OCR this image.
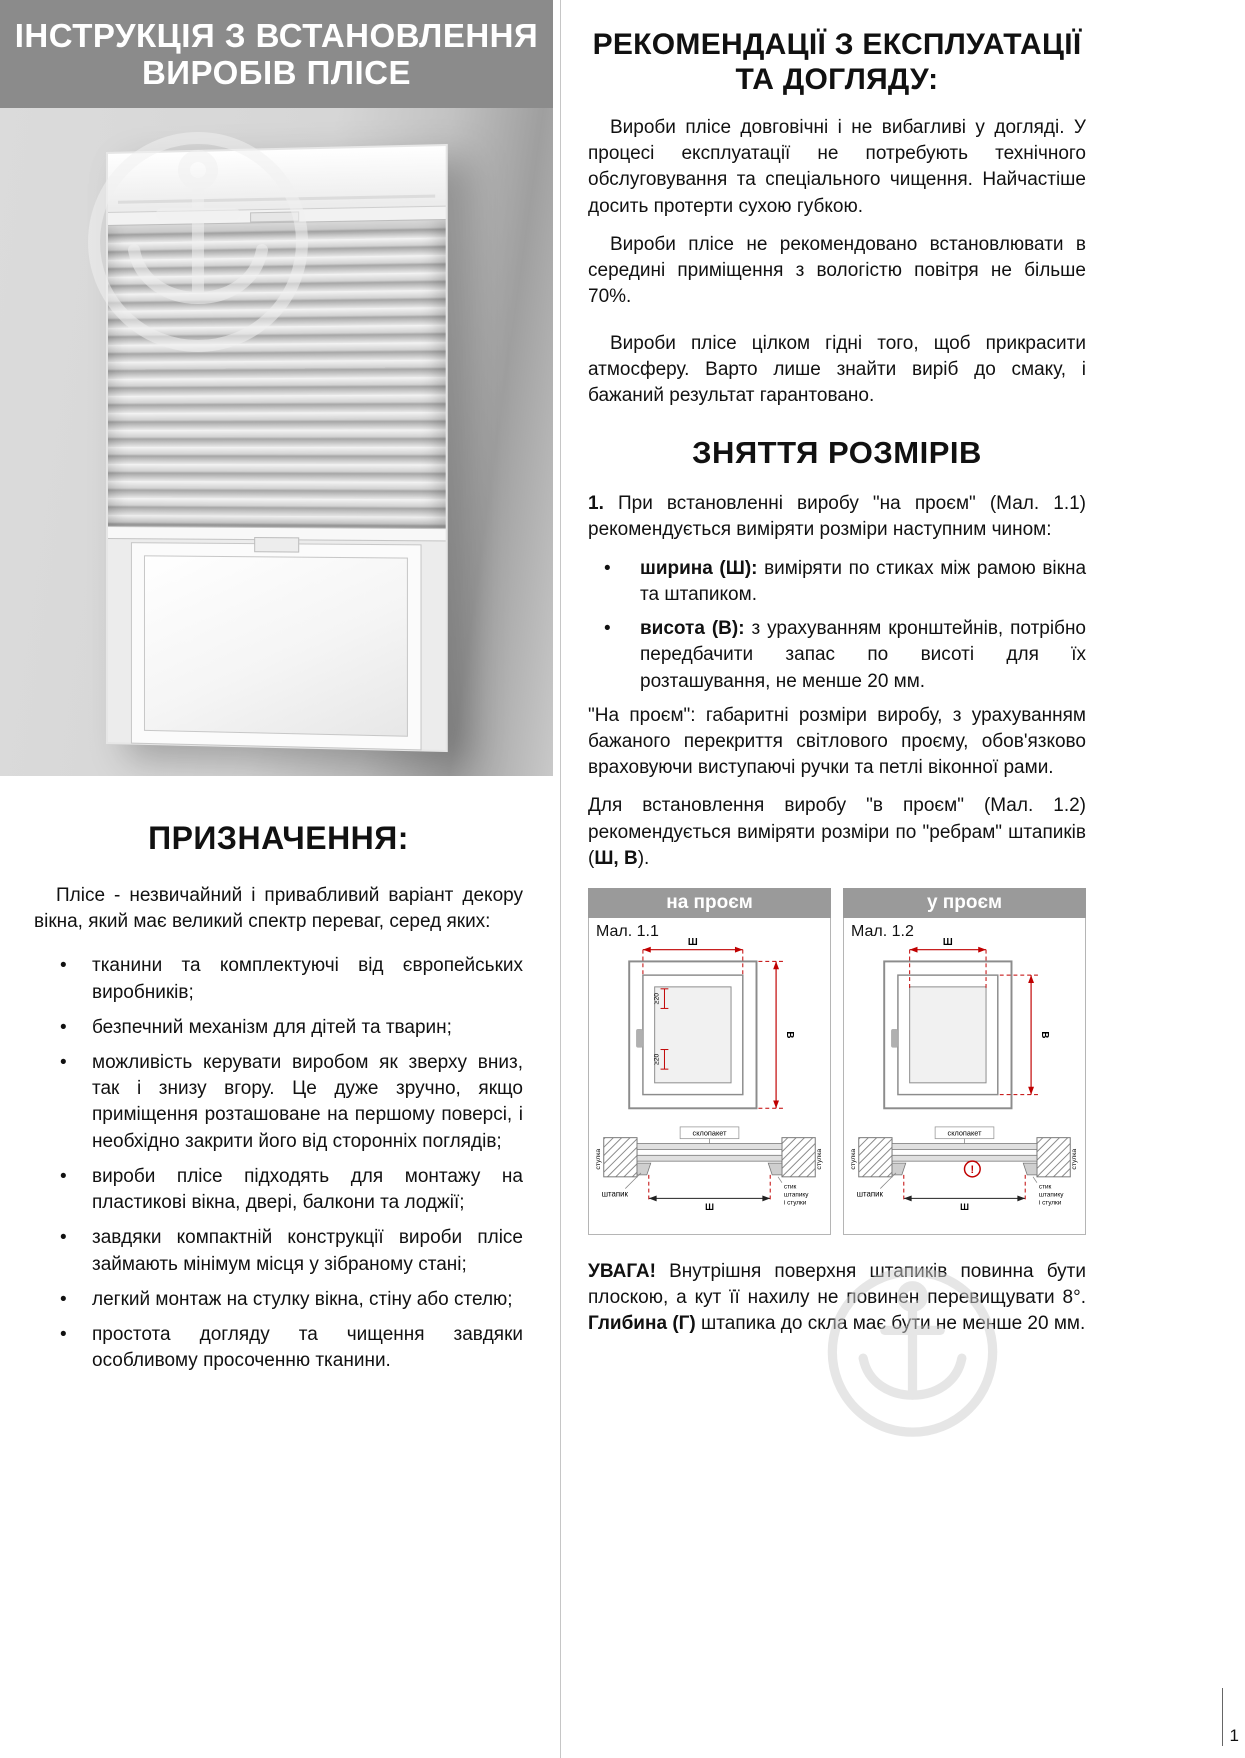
ІНСТРУКЦІЯ З ВСТАНОВЛЕННЯ
ВИРОБІВ ПЛІСЕ
ПРИЗНАЧЕННЯ:

Плісе - незвичайний і привабливий варіант декору вікна, який має великий спектр переваг, серед яких:

• тканини та комплектуючі від європейських виробників;
• безпечний механізм для дітей та тварин;
• можливість керувати виробом як зверху вниз, так і знизу вгору. Це дуже зручно, якщо приміщення розташоване на першому поверсі, і необхідно закрити його від сторонніх поглядів;
• вироби плісе підходять для монтажу на пластикові вікна, двері, балкони та лоджії;
• завдяки компактній конструкції вироби плісе займають мінімум місця у зібраному стані;
• легкий монтаж на стулку вікна, стіну або стелю;
• простота догляду та чищення завдяки особливому просоченню тканини.
РЕКОМЕНДАЦІЇ З ЕКСПЛУАТАЦІЇ
ТА ДОГЛЯДУ:

Вироби плісе довговічні і не вибагливі у догляді. У процесі експлуатації не потребують технічного обслуговування та спеціального чищення. Найчастіше досить протерти сухою губкою.

Вироби плісе не рекомендовано встановлювати в середині приміщення з вологістю повітря не більше 70%.

Вироби плісе цілком гідні того, щоб прикрасити атмосферу. Варто лише знайти виріб до смаку, і бажаний результат гарантовано.

ЗНЯТТЯ РОЗМІРІВ

1. При встановленні виробу "на проєм" (Мал. 1.1) рекомендується виміряти розміри наступним чином:

• ширина (Ш): виміряти по стиках між рамою вікна та штапиком.
• висота (В): з урахуванням кронштейнів, потрібно передбачити запас по висоті для їх розташування, не менше 20 мм.

"На проєм": габаритні розміри виробу, з урахуванням бажаного перекриття світлового проєму, обов'язково враховуючи виступаючі ручки та петлі віконної рами.

Для встановлення виробу "в проєм" (Мал. 1.2) рекомендується виміряти розміри по "ребрам" штапиків (Ш, В).

на проєм
Мал. 1.1
Ш
В
≥20
≥20
склопакет
стулка	стулка
штапик
Ш
стик
штапику
і стулки
у проєм
Мал. 1.2
Ш
В
склопакет
стулка	стулка
штапик
!
Ш
стик
штапику
і стулки

УВАГА! Внутрішня поверхня штапиків повинна бути плоскою, а кут її нахилу не повинен перевищувати 8°. Глибина (Г) штапика до скла має бути не менше 20 мм.

1
